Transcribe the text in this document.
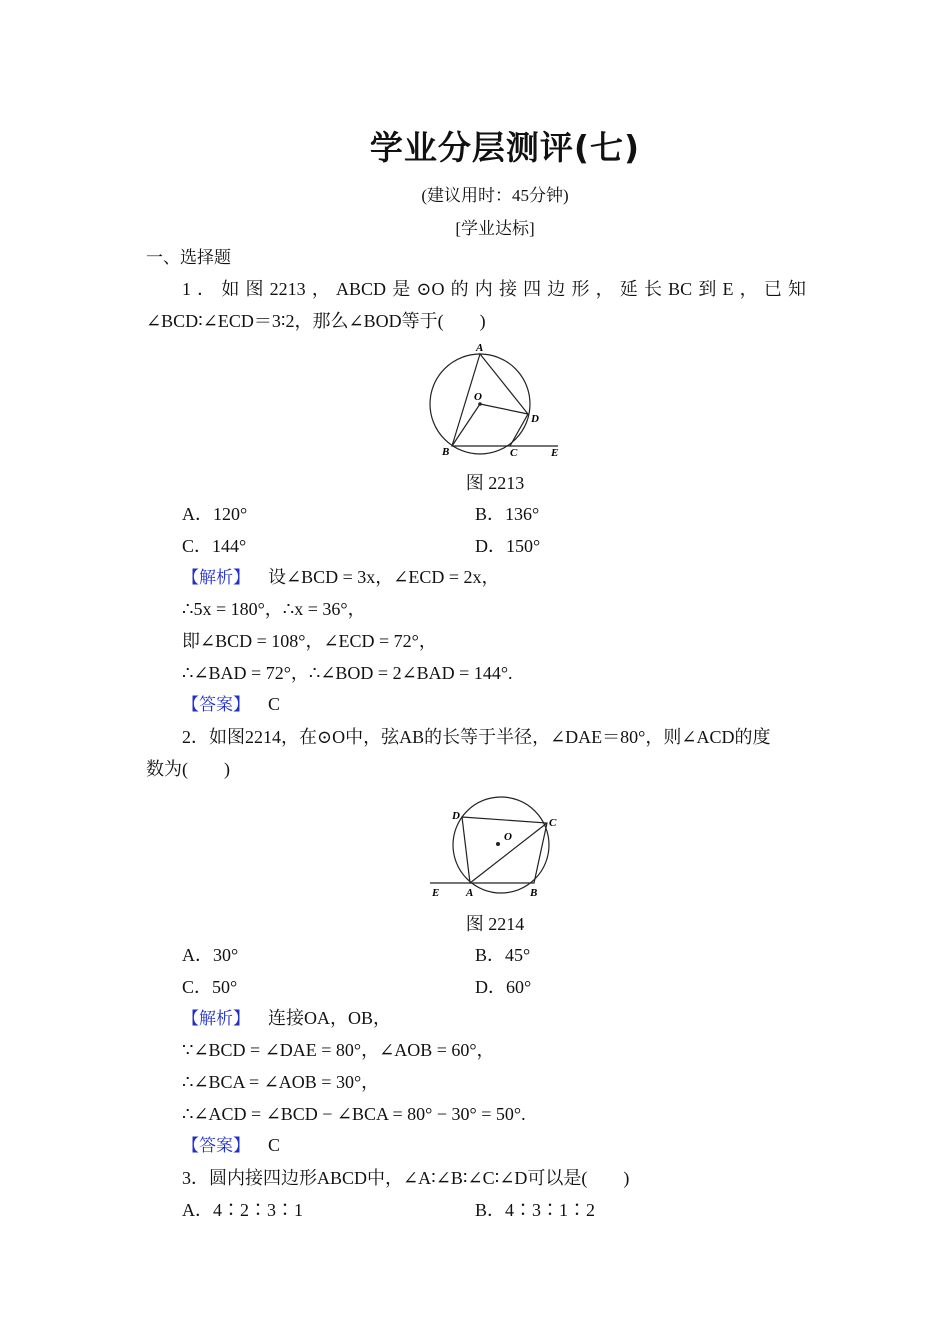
学业分层测评(七)
(建议用时：45分钟)
[学业达标]
一、选择题
1．如图2213，ABCD是⊙O的内接四边形，延长BC到E，已知
∠BCD∶∠ECD＝3∶2，那么∠BOD等于(　　)
A
O
D
B	C	E
图 2213
A．120°	B．136°
C．144°	D．150°
【解析】 设∠BCD = 3x，∠ECD = 2x，
∴5x = 180°，∴x = 36°，
即∠BCD = 108°，∠ECD = 72°，
∴∠BAD = 72°，∴∠BOD = 2∠BAD = 144°.
【答案】 C
2．如图2214，在⊙O中，弦AB的长等于半径，∠DAE＝80°，则∠ACD的度
数为(　　)
D
C
O
E A	B
图 2214
A．30°	B．45°
C．50°	D．60°
【解析】 连接OA，OB，
∵∠BCD = ∠DAE = 80°，∠AOB = 60°，
∴∠BCA = ∠AOB = 30°，
∴∠ACD = ∠BCD − ∠BCA = 80° − 30° = 50°.
【答案】 C
3．圆内接四边形ABCD中，∠A∶∠B∶∠C∶∠D可以是(　　)
A．4∶2∶3∶1	B．4∶3∶1∶2
